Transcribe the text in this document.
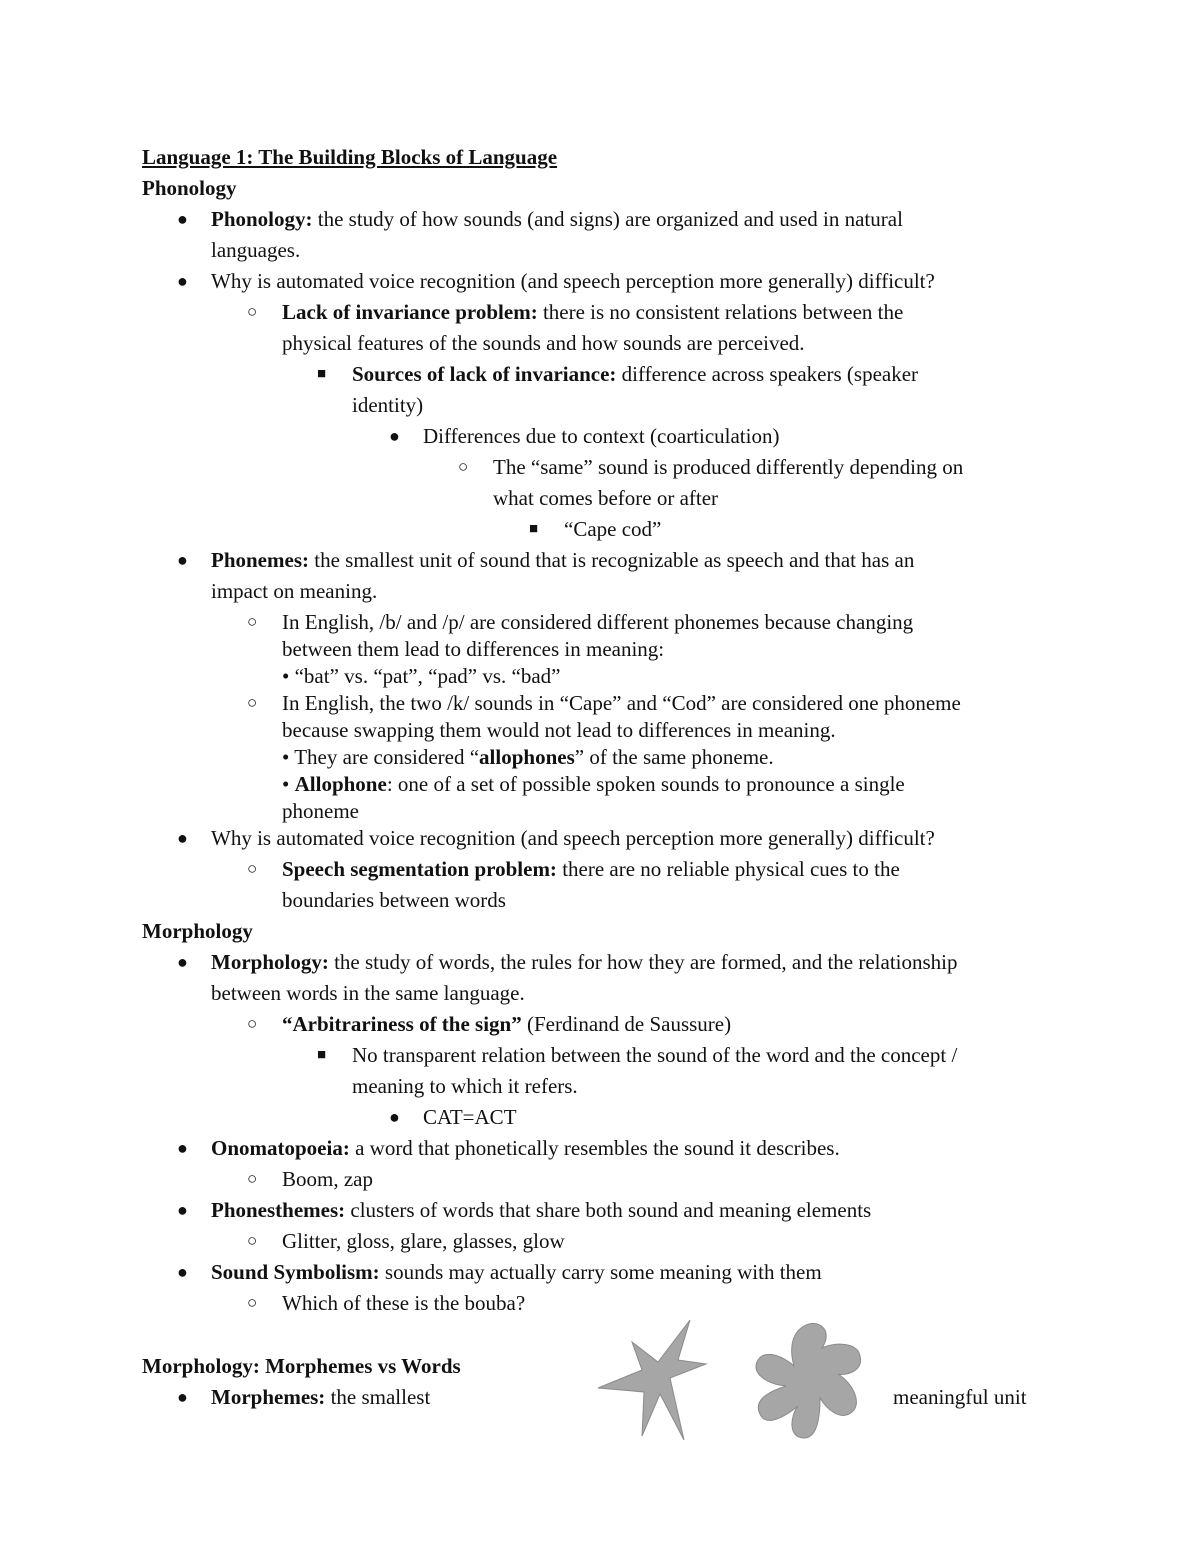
Language 1: The Building Blocks of Language
Phonology
● Phonology: the study of how sounds (and signs) are organized and used in natural
languages.
● Why is automated voice recognition (and speech perception more generally) difficult?
○ Lack of invariance problem: there is no consistent relations between the
physical features of the sounds and how sounds are perceived.
■ Sources of lack of invariance: difference across speakers (speaker
identity)
● Differences due to context (coarticulation)
○ The “same” sound is produced differently depending on
what comes before or after
■ “Cape cod”
● Phonemes: the smallest unit of sound that is recognizable as speech and that has an
impact on meaning.
○ In English, /b/ and /p/ are considered different phonemes because changing
between them lead to differences in meaning:
• “bat” vs. “pat”, “pad” vs. “bad”
○ In English, the two /k/ sounds in “Cape” and “Cod” are considered one phoneme
because swapping them would not lead to differences in meaning.
• They are considered “allophones” of the same phoneme.
• Allophone: one of a set of possible spoken sounds to pronounce a single
phoneme
● Why is automated voice recognition (and speech perception more generally) difficult?
○ Speech segmentation problem: there are no reliable physical cues to the
boundaries between words
Morphology
● Morphology: the study of words, the rules for how they are formed, and the relationship
between words in the same language.
○ “Arbitrariness of the sign” (Ferdinand de Saussure)
■ No transparent relation between the sound of the word and the concept /
meaning to which it refers.
● CAT=ACT
● Onomatopoeia: a word that phonetically resembles the sound it describes.
○ Boom, zap
● Phonesthemes: clusters of words that share both sound and meaning elements
○ Glitter, gloss, glare, glasses, glow
● Sound Symbolism: sounds may actually carry some meaning with them
○ Which of these is the bouba?
Morphology: Morphemes vs Words
● Morphemes: the smallest	meaningful unit
